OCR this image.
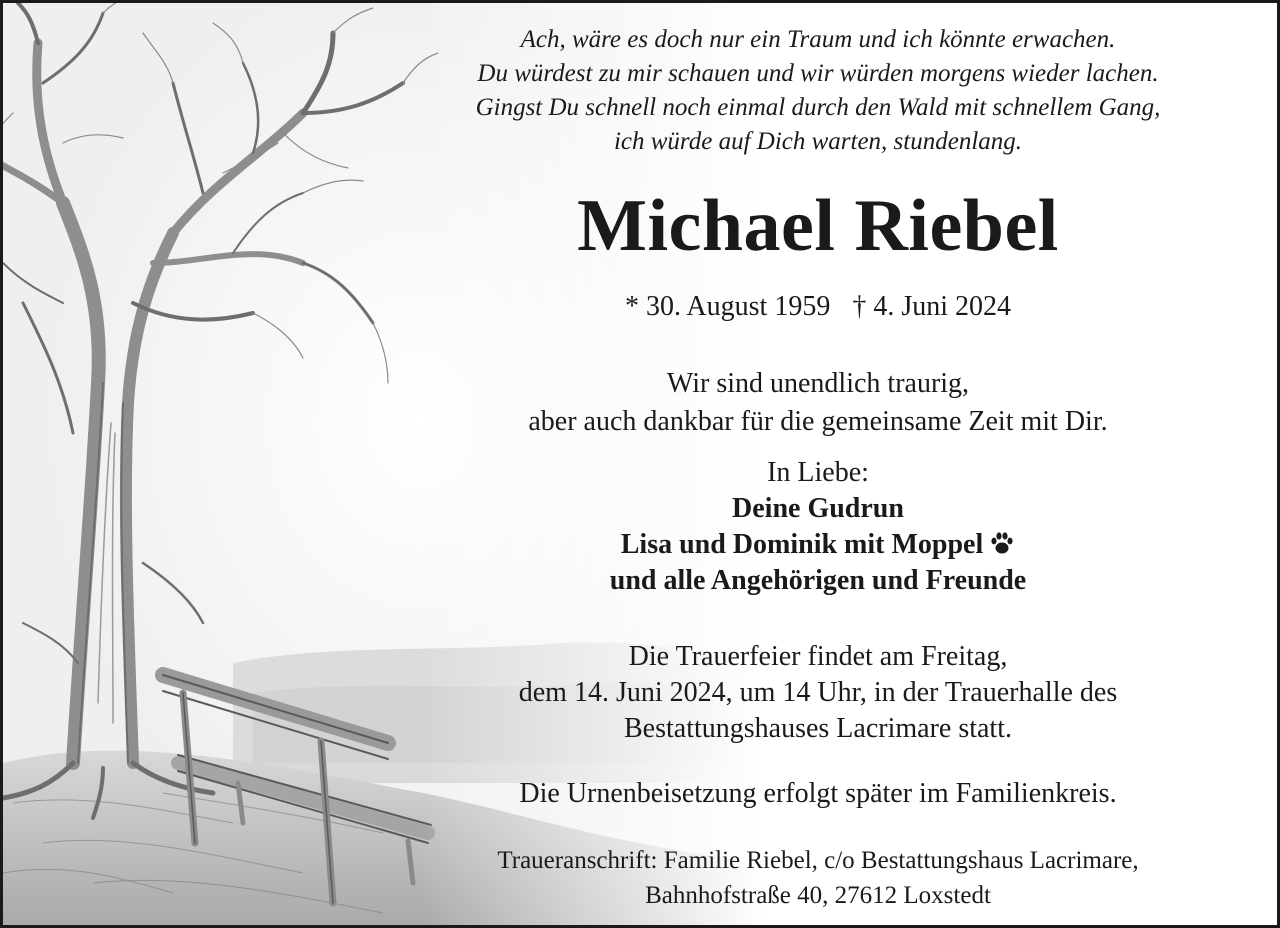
Ach, wäre es doch nur ein Traum und ich könnte erwachen.
Du würdest zu mir schauen und wir würden morgens wieder lachen.
Gingst Du schnell noch einmal durch den Wald mit schnellem Gang,
ich würde auf Dich warten, stundenlang.
Michael Riebel
* 30. August 1959 † 4. Juni 2024
Wir sind unendlich traurig,
aber auch dankbar für die gemeinsame Zeit mit Dir.
In Liebe:
Deine Gudrun
Lisa und Dominik mit Moppel
und alle Angehörigen und Freunde
Die Trauerfeier findet am Freitag,
dem 14. Juni 2024, um 14 Uhr, in der Trauerhalle des
Bestattungshauses Lacrimare statt.
Die Urnenbeisetzung erfolgt später im Familienkreis.
Traueranschrift: Familie Riebel, c/o Bestattungshaus Lacrimare,
Bahnhofstraße 40, 27612 Loxstedt
